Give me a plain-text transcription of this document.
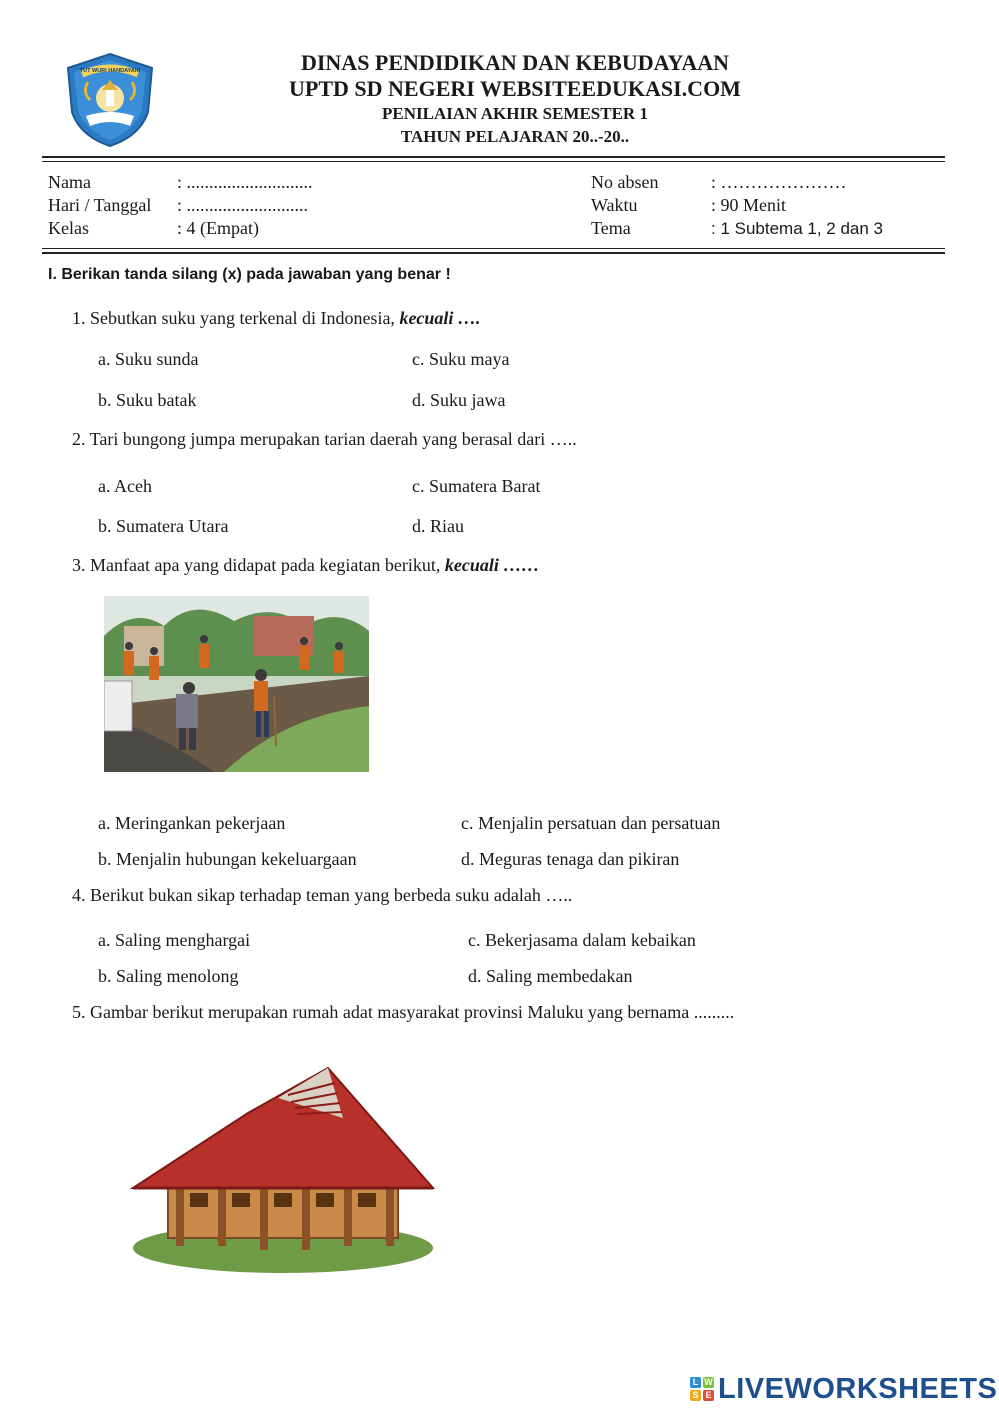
TUT WURI HANDAYANI	DINAS PENDIDIKAN DAN KEBUDAYAAN
UPTD SD NEGERI WEBSITEEDUKASI.COM
PENILAIAN AKHIR SEMESTER 1
TAHUN PELAJARAN 20..-20..
Nama	: ............................
Hari / Tanggal : ...........................
Kelas	: 4 (Empat)
No absen	: …………………
Waktu	: 90 Menit
Tema	: 1 Subtema 1, 2 dan 3
I. Berikan tanda silang (x) pada jawaban yang benar !
1. Sebutkan suku yang terkenal di Indonesia, kecuali ….
a. Suku sunda
b. Suku batak
c. Suku maya
d. Suku jawa
2. Tari bungong jumpa merupakan tarian daerah yang berasal dari …..
a. Aceh
b. Sumatera Utara
c. Sumatera Barat
d. Riau
3. Manfaat apa yang didapat pada kegiatan berikut, kecuali ……
a. Meringankan pekerjaan
b. Menjalin hubungan kekeluargaan
c. Menjalin persatuan dan persatuan
d. Meguras tenaga dan pikiran
4. Berikut bukan sikap terhadap teman yang berbeda suku adalah …..
a. Saling menghargai
b. Saling menolong
c. Bekerjasama dalam kebaikan
d. Saling membedakan
5. Gambar berikut merupakan rumah adat masyarakat provinsi Maluku yang bernama .........
L W
S E LIVEWORKSHEETS
